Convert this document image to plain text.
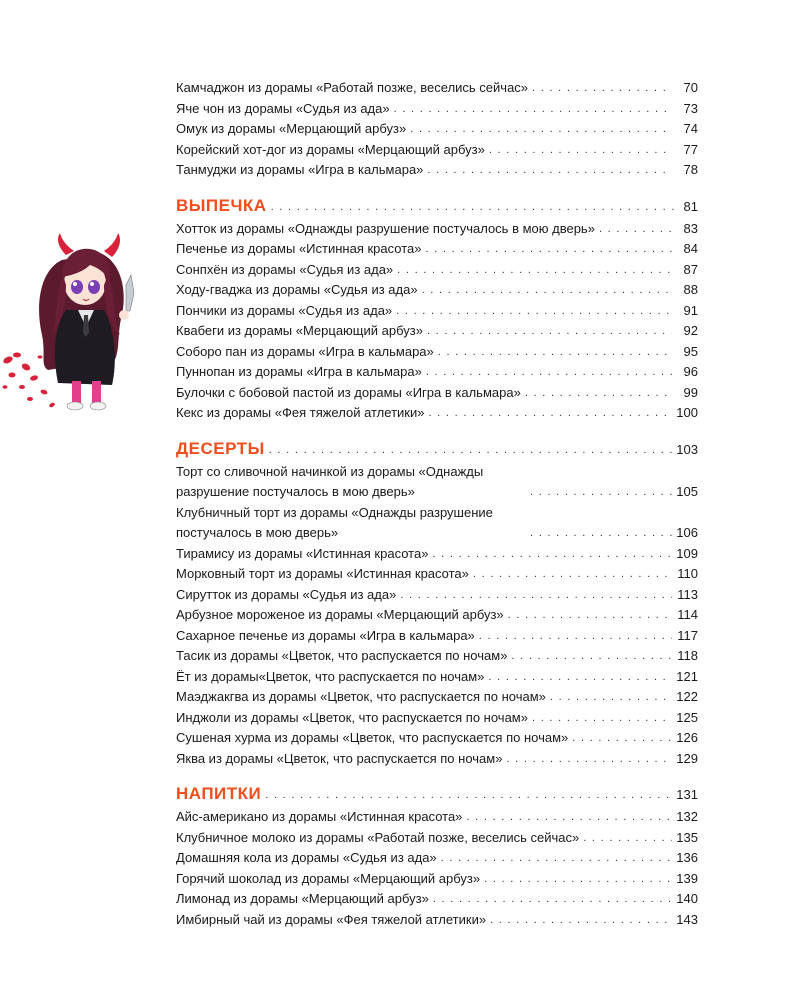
Камчаджон из дорамы «Работай позже, веселись сейчас» . . .	70
Яче чон из дорамы «Судья из ада» . . .	73
Омук из дорамы «Мерцающий арбуз» . . .	74
Корейский хот-дог из дорамы «Мерцающий арбуз» . . .	77
Танмуджи из дорамы «Игра в кальмара» . . .	78
ВЫПЕЧКА . . .	81
Хотток из дорамы «Однажды разрушение постучалось в мою дверь» . . .	83
Печенье из дорамы «Истинная красота» . . .	84
Сонпхён из дорамы «Судья из ада» . . .	87
Ходу-гваджа из дорамы «Судья из ада» . . .	88
Пончики из дорамы «Судья из ада» . . .	91
Квабеги из дорамы «Мерцающий арбуз» . . .	92
Соборо пан из дорамы «Игра в кальмара» . . .	95
Пуннопан из дорамы «Игра в кальмара» . . .	96
Булочки с бобовой пастой из дорамы «Игра в кальмара» . . .	99
Кекс из дорамы «Фея тяжелой атлетики» . . .	100
ДЕСЕРТЫ . . .	103
Торт со сливочной начинкой из дорамы «Однажды разрушение постучалось в мою дверь» . . .	105
Клубничный торт из дорамы «Однажды разрушение постучалось в мою дверь» . . .	106
Тирамису из дорамы «Истинная красота» . . .	109
Морковный торт из дорамы «Истинная красота» . . .	110
Сирутток из дорамы «Судья из ада» . . .	113
Арбузное мороженое из дорамы «Мерцающий арбуз» . . .	114
Сахарное печенье из дорамы «Игра в кальмара» . . .	117
Тасик из дорамы «Цветок, что распускается по ночам» . . .	118
Ёт из дорамы«Цветок, что распускается по ночам» . . .	121
Маэджакгва из дорамы «Цветок, что распускается по ночам» . . .	122
Инджоли из дорамы «Цветок, что распускается по ночам» . . .	125
Сушеная хурма из дорамы «Цветок, что распускается по ночам» . . .	126
Яква из дорамы «Цветок, что распускается по ночам» . . .	129
НАПИТКИ . . .	131
Айс-американо из дорамы «Истинная красота» . . .	132
Клубничное молоко из дорамы «Работай позже, веселись сейчас» . . .	135
Домашняя кола из дорамы «Судья из ада» . . .	136
Горячий шоколад из дорамы «Мерцающий арбуз» . . .	139
Лимонад из дорамы «Мерцающий арбуз» . . .	140
Имбирный чай из дорамы «Фея тяжелой атлетики» . . .	143
